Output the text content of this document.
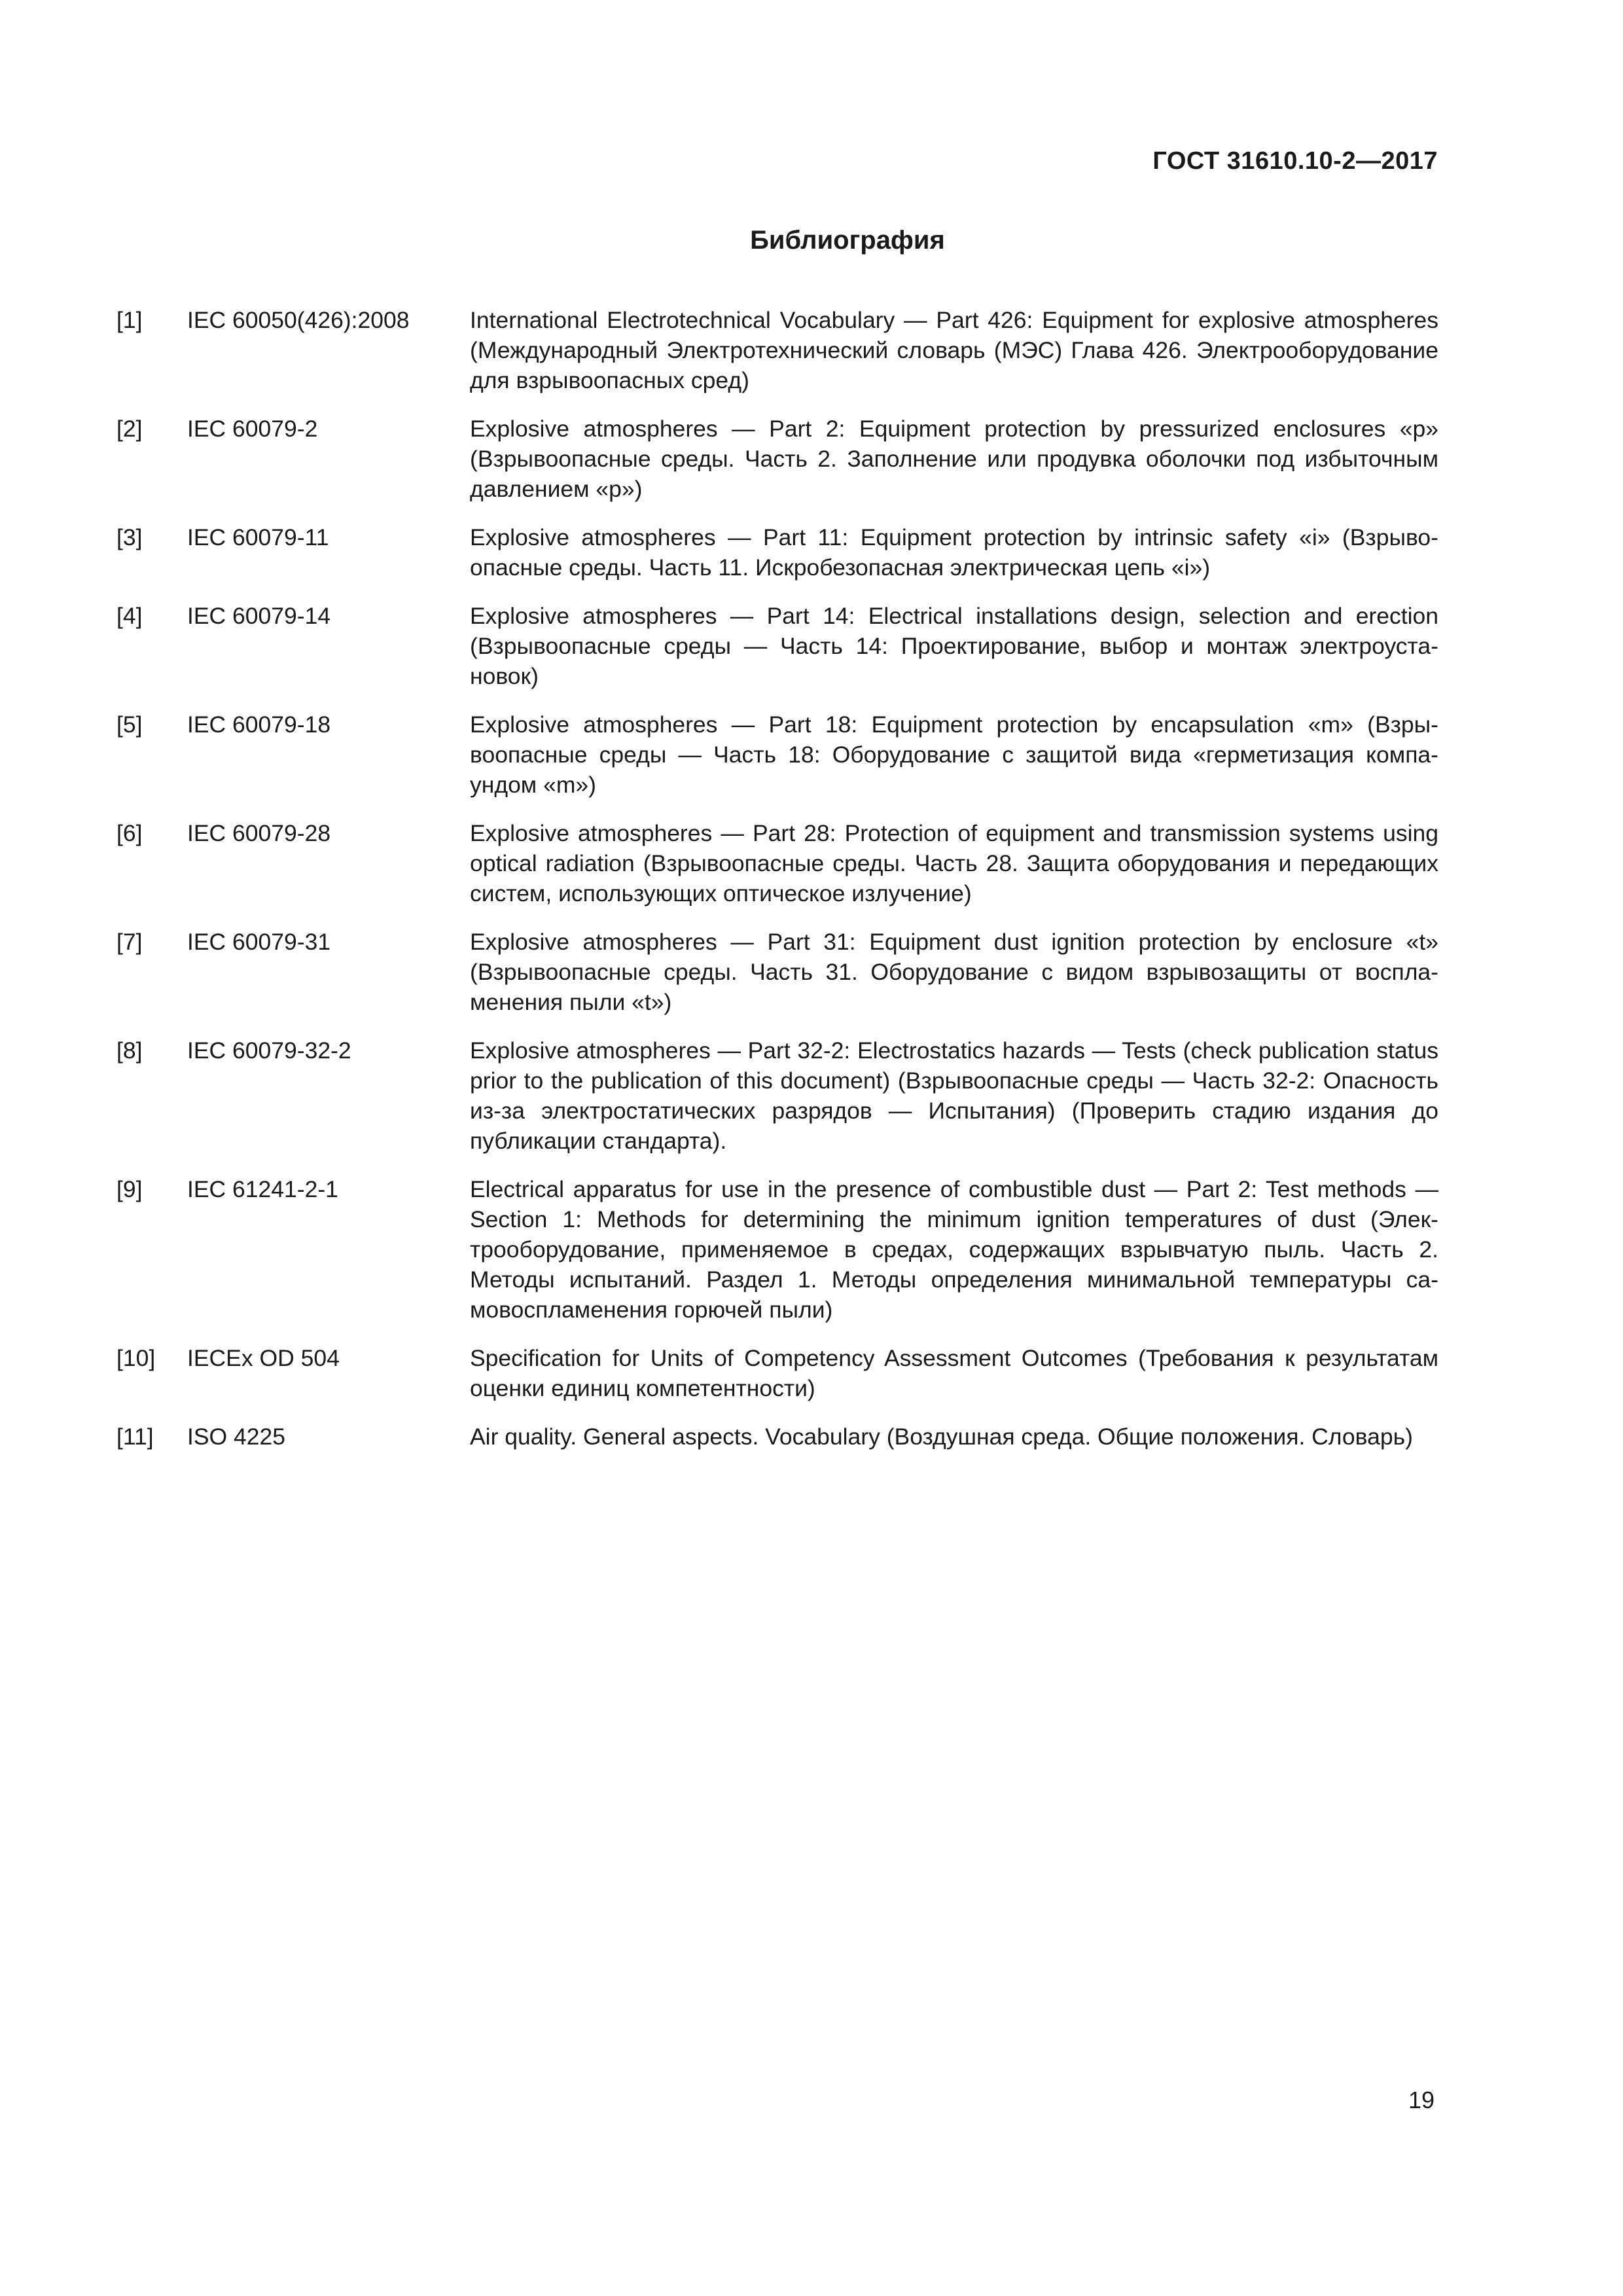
ГОСТ 31610.10-2—2017

Библиография
[1]	IEC 60050(426):2008	International Electrotechnical Vocabulary — Part 426: Equipment for explosive atmospheres (Международный Электротехнический словарь (МЭС) Глава 426. Электрооборудование для взрывоопасных сред)
[2]	IEC 60079-2	Explosive atmospheres — Part 2: Equipment protection by pressurized enclosures «p» (Взрывоопасные среды. Часть 2. Заполнение или продувка оболочки под избыточным давлением «p»)
[3]	IEC 60079-11	Explosive atmospheres — Part 11: Equipment protection by intrinsic safety «i» (Взрывоопасные среды. Часть 11. Искробезопасная электрическая цепь «i»)
[4]	IEC 60079-14	Explosive atmospheres — Part 14: Electrical installations design, selection and erection (Взрывоопасные среды — Часть 14: Проектирование, выбор и монтаж электроустановок)
[5]	IEC 60079-18	Explosive atmospheres — Part 18: Equipment protection by encapsulation «m» (Взрывоопасные среды — Часть 18: Оборудование с защитой вида «герметизация компаундом «m»)
[6]	IEC 60079-28	Explosive atmospheres — Part 28: Protection of equipment and transmission systems using optical radiation (Взрывоопасные среды. Часть 28. Защита оборудования и передающих систем, использующих оптическое излучение)
[7]	IEC 60079-31	Explosive atmospheres — Part 31: Equipment dust ignition protection by enclosure «t» (Взрывоопасные среды. Часть 31. Оборудование с видом взрывозащиты от воспламенения пыли «t»)
[8]	IEC 60079-32-2	Explosive atmospheres — Part 32-2: Electrostatics hazards — Tests (check publication status prior to the publication of this document) (Взрывоопасные среды — Часть 32-2: Опасность из-за электростатических разрядов — Испытания) (Проверить стадию издания до публикации стандарта).
[9]	IEC 61241-2-1	Electrical apparatus for use in the presence of combustible dust — Part 2: Test methods — Section 1: Methods for determining the minimum ignition temperatures of dust (Электрооборудование, применяемое в средах, содержащих взрывчатую пыль. Часть 2. Методы испытаний. Раздел 1. Методы определения минимальной температуры самовоспламенения горючей пыли)
[10]	IECEx OD 504	Specification for Units of Competency Assessment Outcomes (Требования к результатам оценки единиц компетентности)
[11]	ISO 4225	Air quality. General aspects. Vocabulary (Воздушная среда. Общие положения. Словарь)

19
